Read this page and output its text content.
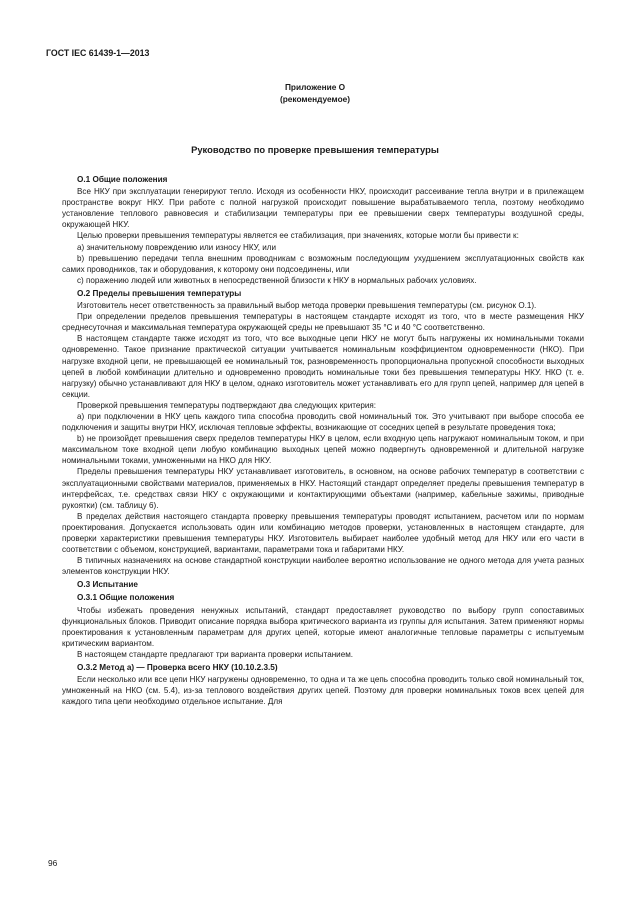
ГОСТ IEC 61439-1—2013
Приложение О
(рекомендуемое)
Руководство по проверке превышения температуры
О.1 Общие положения

Все НКУ при эксплуатации генерируют тепло. Исходя из особенности НКУ, происходит рассеивание тепла внутри и в прилежащем пространстве вокруг НКУ. При работе с полной нагрузкой происходит повышение вырабатываемого тепла, поэтому необходимо установление теплового равновесия и стабилизации температуры при ее превышении сверх температуры воздушной среды, окружающей НКУ.

Целью проверки превышения температуры является ее стабилизация, при значениях, которые могли бы привести к:

a) значительному повреждению или износу НКУ, или

b) превышению передачи тепла внешним проводникам с возможным последующим ухудшением эксплуатационных свойств как самих проводников, так и оборудования, к которому они подсоединены, или

c) поражению людей или животных в непосредственной близости к НКУ в нормальных рабочих условиях.

О.2 Пределы превышения температуры

Изготовитель несет ответственность за правильный выбор метода проверки превышения температуры (см. рисунок О.1).

При определении пределов превышения температуры в настоящем стандарте исходят из того, что в месте размещения НКУ среднесуточная и максимальная температура окружающей среды не превышают 35 °С и 40 °С соответственно.

В настоящем стандарте также исходят из того, что все выходные цепи НКУ не могут быть нагружены их номинальными токами одновременно. Такое признание практической ситуации учитывается номинальным коэффициентом одновременности (НКО). При нагрузке входной цепи, не превышающей ее номинальный ток, разновременность пропорциональна пропускной способности выходных цепей в любой комбинации длительно и одновременно проводить номинальные токи без превышения температуры НКУ. НКО (т. е. нагрузку) обычно устанавливают для НКУ в целом, однако изготовитель может устанавливать его для групп цепей, например для цепей в секции.

Проверкой превышения температуры подтверждают два следующих критерия:

a) при подключении в НКУ цепь каждого типа способна проводить свой номинальный ток. Это учитывают при выборе способа ее подключения и защиты внутри НКУ, исключая тепловые эффекты, возникающие от соседних цепей в результате проведения тока;

b) не произойдет превышения сверх пределов температуры НКУ в целом, если входную цепь нагружают номинальным током, и при максимальном токе входной цепи любую комбинацию выходных цепей можно подвергнуть одновременной и длительной нагрузке номинальными токами, умноженными на НКО для НКУ.

Пределы превышения температуры НКУ устанавливает изготовитель, в основном, на основе рабочих температур в соответствии с эксплуатационными свойствами материалов, применяемых в НКУ. Настоящий стандарт определяет пределы превышения температур в интерфейсах, т.е. средствах связи НКУ с окружающими и контактирующими объектами (например, кабельные зажимы, приводные рукоятки) (см. таблицу 6).

В пределах действия настоящего стандарта проверку превышения температуры проводят испытанием, расчетом или по нормам проектирования. Допускается использовать один или комбинацию методов проверки, установленных в настоящем стандарте, для проверки характеристики превышения температуры НКУ. Изготовитель выбирает наиболее удобный метод для НКУ или его части в соответствии с объемом, конструкцией, вариантами, параметрами тока и габаритами НКУ.

В типичных назначениях на основе стандартной конструкции наиболее вероятно использование не одного метода для учета разных элементов конструкции НКУ.

О.3 Испытание
О.3.1 Общие положения

Чтобы избежать проведения ненужных испытаний, стандарт предоставляет руководство по выбору групп сопоставимых функциональных блоков. Приводит описание порядка выбора критического варианта из группы для испытания. Затем применяют нормы проектирования к установленным параметрам для других цепей, которые имеют аналогичные тепловые параметры с испытуемым критическим вариантом.

В настоящем стандарте предлагают три варианта проверки испытанием.

О.3.2 Метод а) — Проверка всего НКУ (10.10.2.3.5)

Если несколько или все цепи НКУ нагружены одновременно, то одна и та же цепь способна проводить только свой номинальный ток, умноженный на НКО (см. 5.4), из-за теплового воздействия других цепей. Поэтому для проверки номинальных токов всех цепей для каждого типа цепи необходимо отдельное испытание. Для

96
